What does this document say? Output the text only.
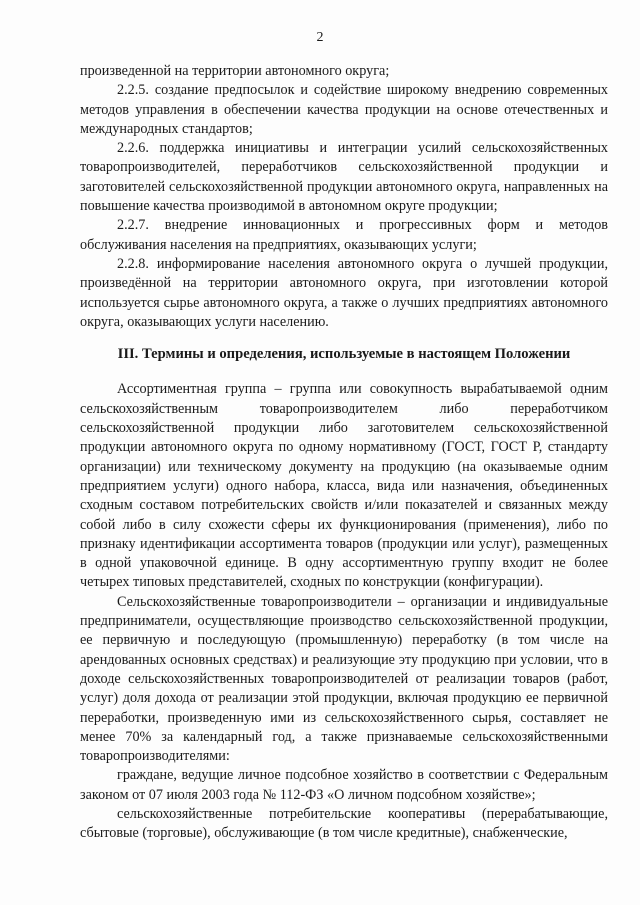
2

произведенной на территории автономного округа;

2.2.5. создание предпосылок и содействие широкому внедрению современных методов управления в обеспечении качества продукции на основе отечественных и международных стандартов;

2.2.6. поддержка инициативы и интеграции усилий сельскохозяйственных товаропроизводителей, переработчиков сельскохозяйственной продукции и заготовителей сельскохозяйственной продукции автономного округа, направленных на повышение качества производимой в автономном округе продукции;

2.2.7. внедрение инновационных и прогрессивных форм и методов обслуживания населения на предприятиях, оказывающих услуги;

2.2.8. информирование населения автономного округа о лучшей продукции, произведённой на территории автономного округа, при изготовлении которой используется сырье автономного округа, а также о лучших предприятиях автономного округа, оказывающих услуги населению.

III. Термины и определения, используемые в настоящем Положении

Ассортиментная группа – группа или совокупность вырабатываемой одним сельскохозяйственным товаропроизводителем либо переработчиком сельскохозяйственной продукции либо заготовителем сельскохозяйственной продукции автономного округа по одному нормативному (ГОСТ, ГОСТ Р, стандарту организации) или техническому документу на продукцию (на оказываемые одним предприятием услуги) одного набора, класса, вида или назначения, объединенных сходным составом потребительских свойств и/или показателей и связанных между собой либо в силу схожести сферы их функционирования (применения), либо по признаку идентификации ассортимента товаров (продукции или услуг), размещенных в одной упаковочной единице. В одну ассортиментную группу входит не более четырех типовых представителей, сходных по конструкции (конфигурации).

Сельскохозяйственные товаропроизводители – организации и индивидуальные предприниматели, осуществляющие производство сельскохозяйственной продукции, ее первичную и последующую (промышленную) переработку (в том числе на арендованных основных средствах) и реализующие эту продукцию при условии, что в доходе сельскохозяйственных товаропроизводителей от реализации товаров (работ, услуг) доля дохода от реализации этой продукции, включая продукцию ее первичной переработки, произведенную ими из сельскохозяйственного сырья, составляет не менее 70% за календарный год, а также признаваемые сельскохозяйственными товаропроизводителями:

граждане, ведущие личное подсобное хозяйство в соответствии с Федеральным законом от 07 июля 2003 года № 112-ФЗ «О личном подсобном хозяйстве»;

сельскохозяйственные потребительские кооперативы (перерабатывающие, сбытовые (торговые), обслуживающие (в том числе кредитные), снабженческие,
